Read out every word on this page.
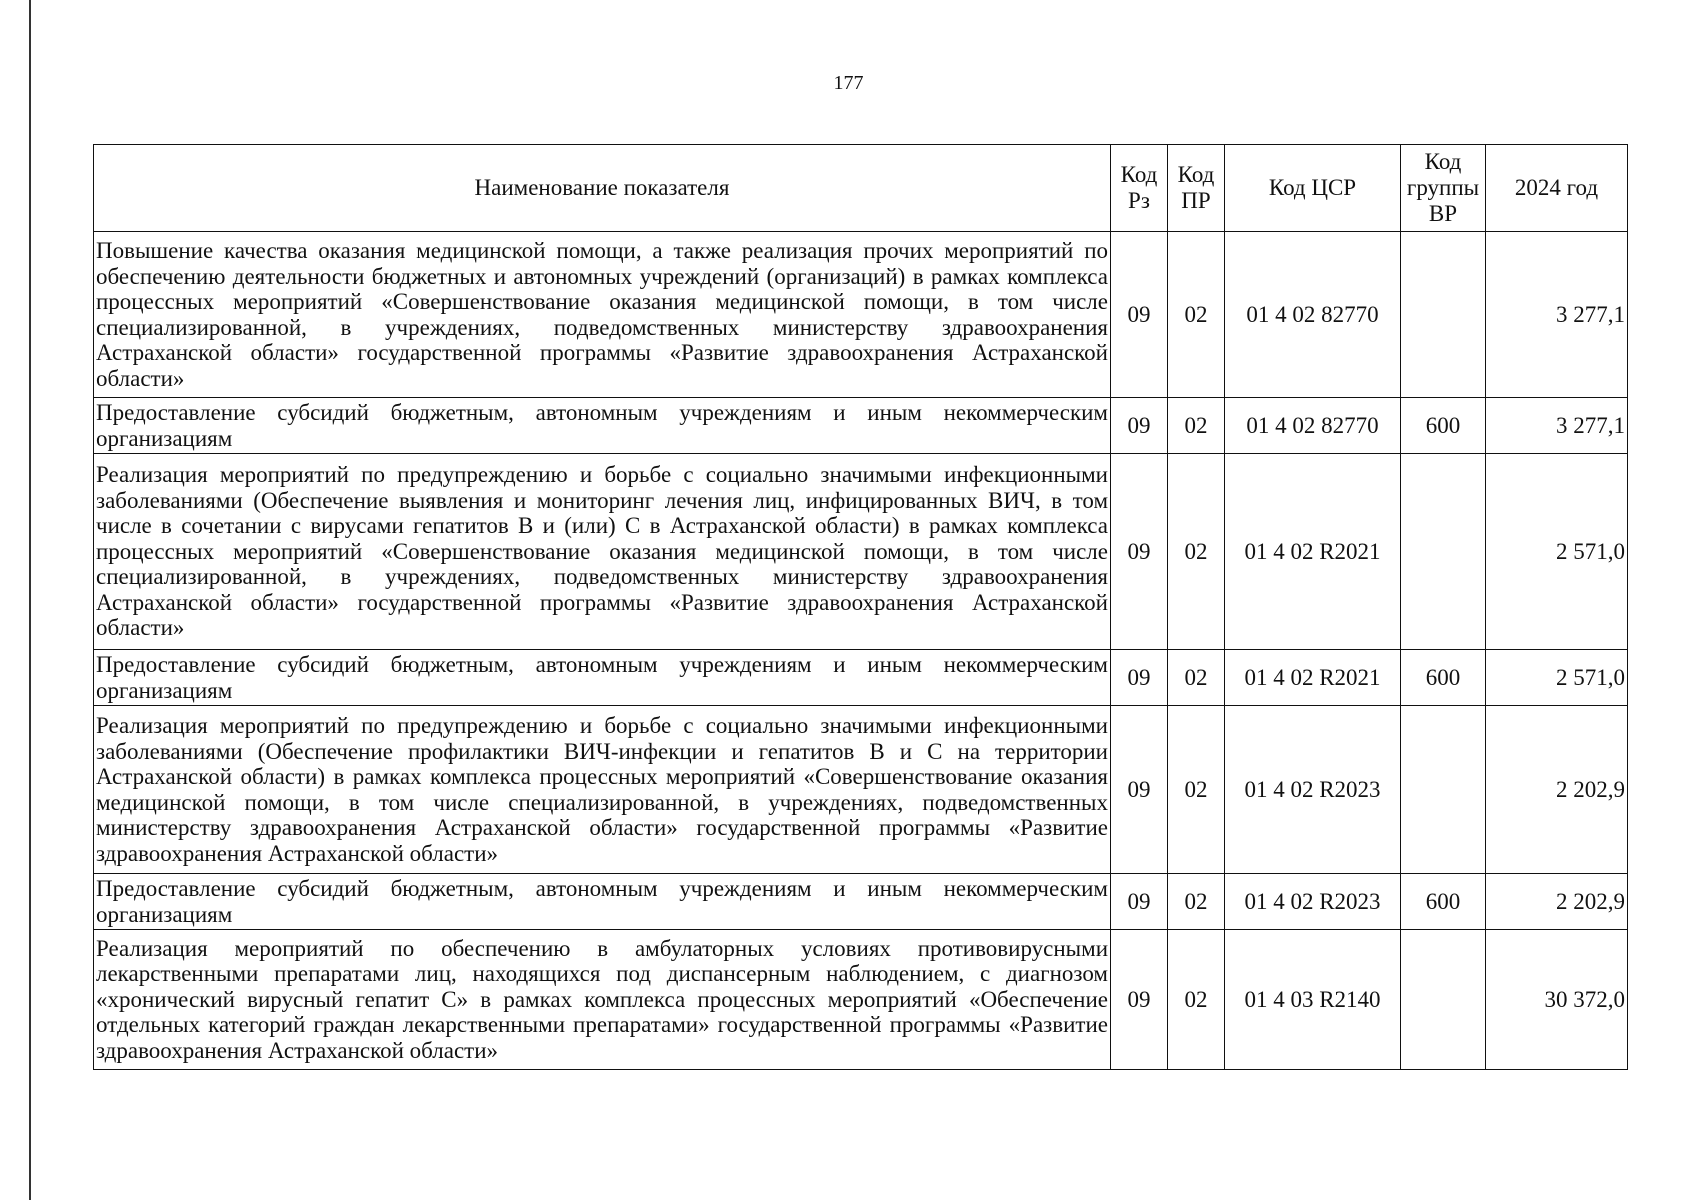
177
Наименование показателя	Код Рз	Код ПР	Код ЦСР	Код группы ВР	2024 год
Повышение качества оказания медицинской помощи, а также реализация прочих мероприятий по обеспечению деятельности бюджетных и автономных учреждений (организаций) в рамках комплекса процессных мероприятий «Совершенствование оказания медицинской помощи, в том числе специализированной, в учреждениях, подведомственных министерству здравоохранения Астраханской области» государственной программы «Развитие здравоохранения Астраханской области»	09	02	01 4 02 82770		3 277,1
Предоставление субсидий бюджетным, автономным учреждениям и иным некоммерческим организациям	09	02	01 4 02 82770	600	3 277,1
Реализация мероприятий по предупреждению и борьбе с социально значимыми инфекционными заболеваниями (Обеспечение выявления и мониторинг лечения лиц, инфицированных ВИЧ, в том числе в сочетании с вирусами гепатитов В и (или) С в Астраханской области) в рамках комплекса процессных мероприятий «Совершенствование оказания медицинской помощи, в том числе специализированной, в учреждениях, подведомственных министерству здравоохранения Астраханской области» государственной программы «Развитие здравоохранения Астраханской области»	09	02	01 4 02 R2021		2 571,0
Предоставление субсидий бюджетным, автономным учреждениям и иным некоммерческим организациям	09	02	01 4 02 R2021	600	2 571,0
Реализация мероприятий по предупреждению и борьбе с социально значимыми инфекционными заболеваниями (Обеспечение профилактики ВИЧ-инфекции и гепатитов В и С на территории Астраханской области) в рамках комплекса процессных мероприятий «Совершенствование оказания медицинской помощи, в том числе специализированной, в учреждениях, подведомственных министерству здравоохранения Астраханской области» государственной программы «Развитие здравоохранения Астраханской области»	09	02	01 4 02 R2023		2 202,9
Предоставление субсидий бюджетным, автономным учреждениям и иным некоммерческим организациям	09	02	01 4 02 R2023	600	2 202,9
Реализация мероприятий по обеспечению в амбулаторных условиях противовирусными лекарственными препаратами лиц, находящихся под диспансерным наблюдением, с диагнозом «хронический вирусный гепатит С» в рамках комплекса процессных мероприятий «Обеспечение отдельных категорий граждан лекарственными препаратами» государственной программы «Развитие здравоохранения Астраханской области»	09	02	01 4 03 R2140		30 372,0
